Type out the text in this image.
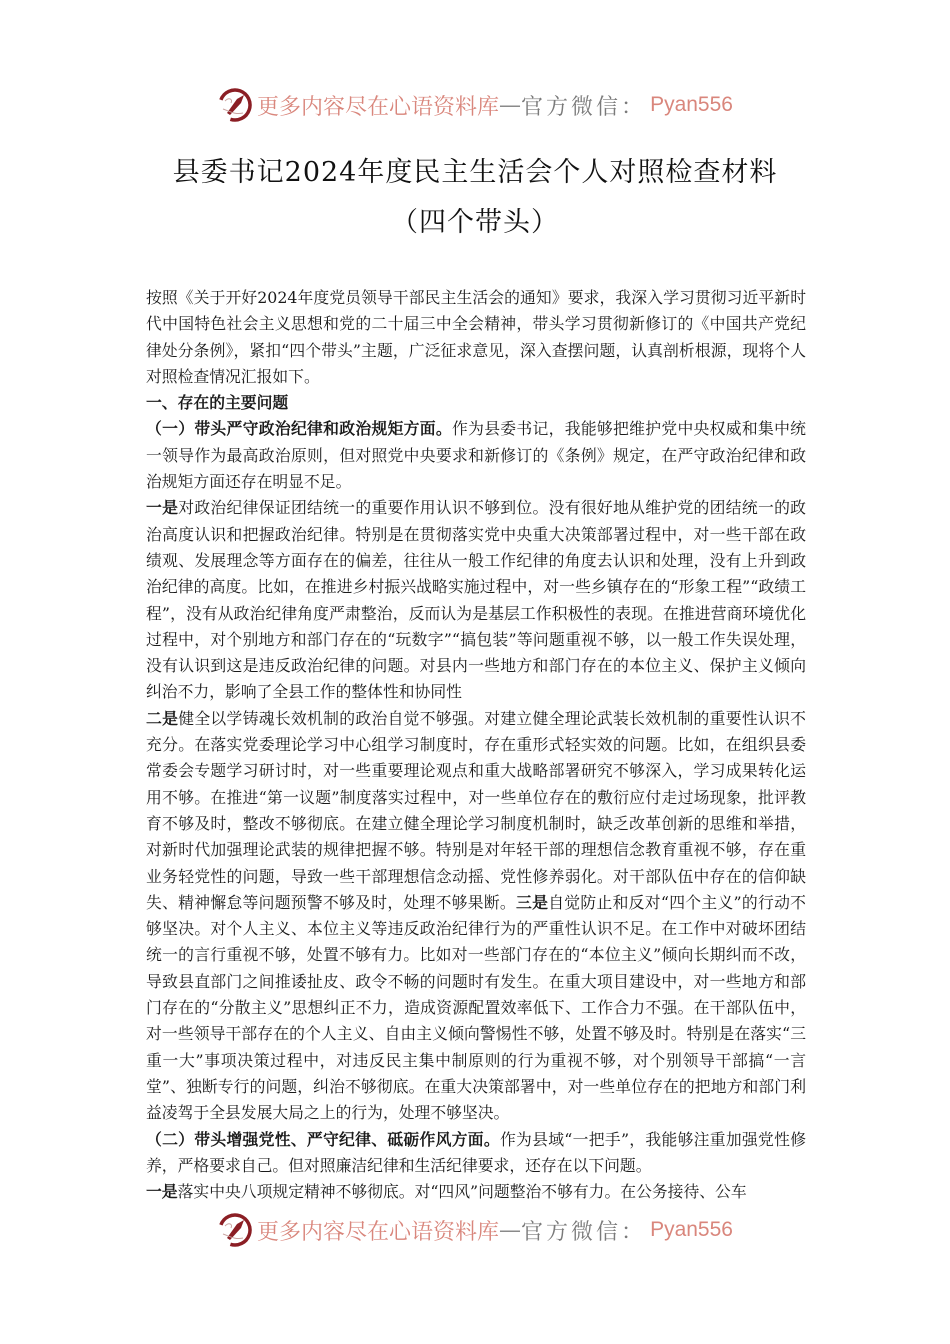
更多内容尽在心语资料库 — 官方微信： Pyan556
县委书记2024年度民主生活会个人对照检查材料
（四个带头）

按照《关于开好2024年度党员领导干部民主生活会的通知》要求，我深入学习贯彻习近平新时代中国特色社会主义思想和党的二十届三中全会精神，带头学习贯彻新修订的《中国共产党纪律处分条例》，紧扣“四个带头”主题，广泛征求意见，深入查摆问题，认真剖析根源，现将个人对照检查情况汇报如下。

一、存在的主要问题

（一）带头严守政治纪律和政治规矩方面。作为县委书记，我能够把维护党中央权威和集中统一领导作为最高政治原则，但对照党中央要求和新修订的《条例》规定，在严守政治纪律和政治规矩方面还存在明显不足。

一是对政治纪律保证团结统一的重要作用认识不够到位。没有很好地从维护党的团结统一的政治高度认识和把握政治纪律。特别是在贯彻落实党中央重大决策部署过程中，对一些干部在政绩观、发展理念等方面存在的偏差，往往从一般工作纪律的角度去认识和处理，没有上升到政治纪律的高度。比如，在推进乡村振兴战略实施过程中，对一些乡镇存在的“形象工程”“政绩工程”，没有从政治纪律角度严肃整治，反而认为是基层工作积极性的表现。在推进营商环境优化过程中，对个别地方和部门存在的“玩数字”“搞包装”等问题重视不够，以一般工作失误处理，没有认识到这是违反政治纪律的问题。对县内一些地方和部门存在的本位主义、保护主义倾向纠治不力，影响了全县工作的整体性和协同性

二是健全以学铸魂长效机制的政治自觉不够强。对建立健全理论武装长效机制的重要性认识不充分。在落实党委理论学习中心组学习制度时，存在重形式轻实效的问题。比如，在组织县委常委会专题学习研讨时，对一些重要理论观点和重大战略部署研究不够深入，学习成果转化运用不够。在推进“第一议题”制度落实过程中，对一些单位存在的敷衍应付走过场现象，批评教育不够及时，整改不够彻底。在建立健全理论学习制度机制时，缺乏改革创新的思维和举措，对新时代加强理论武装的规律把握不够。特别是对年轻干部的理想信念教育重视不够，存在重业务轻党性的问题，导致一些干部理想信念动摇、党性修养弱化。对干部队伍中存在的信仰缺失、精神懈怠等问题预警不够及时，处理不够果断。三是自觉防止和反对“四个主义”的行动不够坚决。对个人主义、本位主义等违反政治纪律行为的严重性认识不足。在工作中对破坏团结统一的言行重视不够，处置不够有力。比如对一些部门存在的“本位主义”倾向长期纠而不改，导致县直部门之间推诿扯皮、政令不畅的问题时有发生。在重大项目建设中，对一些地方和部门存在的“分散主义”思想纠正不力，造成资源配置效率低下、工作合力不强。在干部队伍中，对一些领导干部存在的个人主义、自由主义倾向警惕性不够，处置不够及时。特别是在落实“三重一大”事项决策过程中，对违反民主集中制原则的行为重视不够，对个别领导干部搞“一言堂”、独断专行的问题，纠治不够彻底。在重大决策部署中，对一些单位存在的把地方和部门利益凌驾于全县发展大局之上的行为，处理不够坚决。

（二）带头增强党性、严守纪律、砥砺作风方面。作为县域“一把手”，我能够注重加强党性修养，严格要求自己。但对照廉洁纪律和生活纪律要求，还存在以下问题。

一是落实中央八项规定精神不够彻底。对“四风”问题整治不够有力。在公务接待、公车

更多内容尽在心语资料库 — 官方微信： Pyan556
